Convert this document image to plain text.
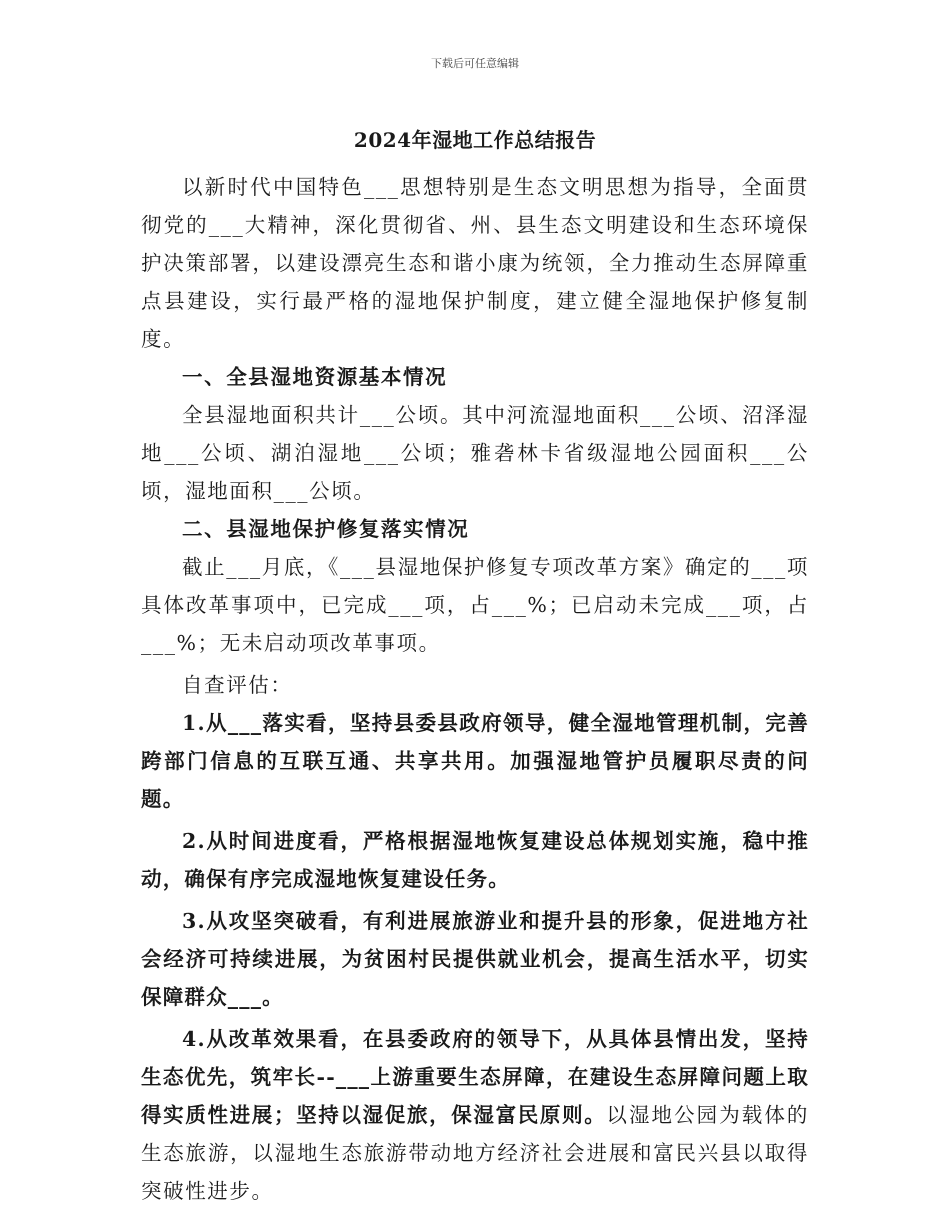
下载后可任意编辑
2024年湿地工作总结报告

以新时代中国特色___思想特别是生态文明思想为指导，全面贯彻党的___大精神，深化贯彻省、州、县生态文明建设和生态环境保护决策部署，以建设漂亮生态和谐小康为统领，全力推动生态屏障重点县建设，实行最严格的湿地保护制度，建立健全湿地保护修复制度。

一、全县湿地资源基本情况

全县湿地面积共计___公顷。其中河流湿地面积___公顷、沼泽湿地___公顷、湖泊湿地___公顷；雅砻林卡省级湿地公园面积___公顷，湿地面积___公顷。

二、县湿地保护修复落实情况

截止___月底，《___县湿地保护修复专项改革方案》确定的___项具体改革事项中，已完成___项，占___%；已启动未完成___项，占___%；无未启动项改革事项。

自查评估：

1.从___落实看，坚持县委县政府领导，健全湿地管理机制，完善跨部门信息的互联互通、共享共用。加强湿地管护员履职尽责的问题。

2.从时间进度看，严格根据湿地恢复建设总体规划实施，稳中推动，确保有序完成湿地恢复建设任务。

3.从攻坚突破看，有利进展旅游业和提升县的形象，促进地方社会经济可持续进展，为贫困村民提供就业机会，提高生活水平，切实保障群众___。

4.从改革效果看，在县委政府的领导下，从具体县情出发，坚持生态优先，筑牢长--___上游重要生态屏障，在建设生态屏障问题上取得实质性进展；坚持以湿促旅，保湿富民原则。以湿地公园为载体的生态旅游，以湿地生态旅游带动地方经济社会进展和富民兴县以取得突破性进步。
